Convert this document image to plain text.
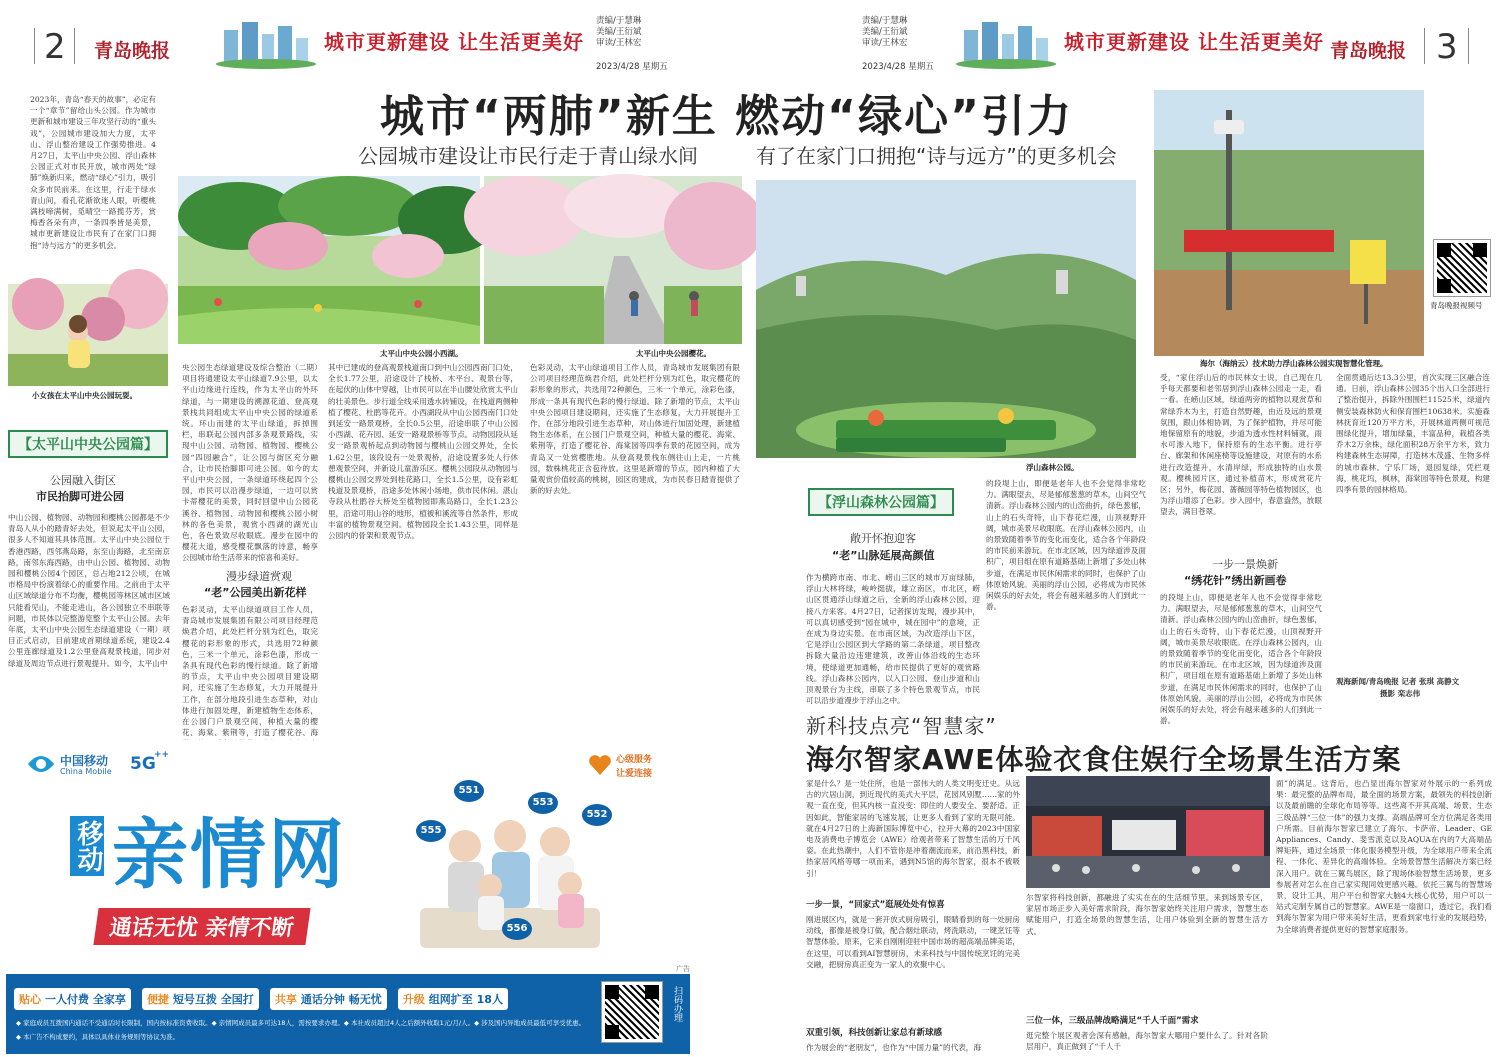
2 青岛晚报	城市更新建设 让生活更美好
责编/于慧琳
美编/王衍斌
审读/王林宏
2023/4/28 星期五
责编/于慧琳
美编/王衍斌
审读/王林宏
2023/4/28 星期五
城市更新建设 让生活更美好 青岛晚报 3
城市“两肺”新生 燃动“绿心”引力
公园城市建设让市民行走于青山绿水间	有了在家门口拥抱“诗与远方”的更多机会
2023年，青岛“春天的故事”，必定有一个“章节”留给山头公园。作为城市更新和城市建设三年攻坚行动的“重头戏”，公园城市建设加大力度，太平山、浮山整治建设工作强势推进。4月27日，太平山中央公园、浮山森林公园正式对市民开放，城市两处“绿肺”焕新归来，燃动“绿心”引力，吸引众多市民前来。在这里，行走于绿水青山间，看孔花渐欲迷人眼，听樱桃满枝啼满树，觅晴空一路揽芬芳，赏梅香各朵有声，一条四季皆是美景，城市更新建设让市民有了在家门口拥抱“诗与远方”的更多机会。
小女孩在太平山中央公园玩耍。
【太平山中央公园篇】
公园融入街区
市民抬脚可进公园
中山公园、植物园、动物园和樱桃公园都是不少青岛人从小的踏青好去处，但说起太平山公园，很多人不知道其具体范围。太平山中央公园位于香港西路，西邻燕岛路，东至山海路，北至南京路，南邻东海西路，由中山公园、植物园、动物园和樱桃公园4个园区，总占地212公顷，在城市格局中扮演着绿心的重要作用。之前由于太平山区域绿道分布不均衡，樱桃园等林区城市区域只能看见山，不能走进山，各公园独立不串联等问题，市民体以完整游览整个太平山公园。去年年底，太平山中央公园生态绿道建设（一期）项目正式启动，目前建成首期绿道系统，建设2.4公里连廊绿道及1.2公里登高观景栈道，同步对绿道及周边节点进行景观提升。如今，太平山中
太平山中央公园小西湖。	太平山中央公园樱花。
央公园生态绿道建设及综合整治（二期）项目将通建设太平山绿道7.9公里，以太平山边缘进行连线，作为太平山的外环绿道，与一期建设的溯源花道、登高观景栈共同组成太平山中央公园的绿道系统。环山而建的太平山绿道，拆掉围栏，串联起公园内部多条观景路线，实现中山公园、动物园、植物园、樱桃公园“四园融合”，让公园与街区充分融合，让市民抬脚即可进公园。如今的太平山中央公园，一条绿道环绕起四个公园，市民可以沿漫步绿道，一边可以赏卡蒂樱花的美景，同时回望中山公园花溪谷、植物园、动物园和樱桃公园小树林的各色美景，观赏小西湖的湖光山色，各色景致尽收眼底。漫步在园中的樱花大道，感受樱花飘落的诗意，畅享公园城市给生活带来的惊喜和美好。
漫步绿道赏观
“老”公园美出新花样
色彩灵动，太平山绿道项目工作人员，青岛城市发展集团有限公司项目经理范焕君介绍，此处栏杆分别为红色，取完樱花的彩形象的形式，共选用72种颜色，三米一个单元，涂彩色漆，形成一条具有现代色彩的慢行绿道。除了新增的节点，太平山中央公园项目建设期间，还实施了生态修复，大力开展提升工作，在部分地段引进生态草种，对山体进行加固处理，新建植物生态体系，在公园门户景观空间，种植大量的樱花、海棠、紫荆等，打造了樱花谷、海
其中已建成的登高观景栈道南口到中山公园西南门口处，全长1.77公里，沿途设计了栈桥、木平台、观景台等，在起伏的山体中穿越，让市民可以在半山腰处欣赏太平山的壮美景色。步行道全线采用透水砖铺设，在栈道两侧种植了樱花、杜鹃等花卉。小西湖段从中山公园西南门口处到延安一路景观桥，全长0.5公里，沿途串联了中山公园小西湖、花卉园、延安一路观景桥等节点。动物园段从延安一路景观桥起点到动物园与樱桃山公园交界处，全长1.62公里，该段设有一处景观桥，沿途设置多处人行休憩观景空间，并新设儿童游乐区。樱桃公园段从动物园与樱桃山公园交界处到桂花路口，全长1.5公里，设有彩虹栈道及景观桥，沿途多处休闲小场地，供市民休闲。湛山寺段从杜鹃谷大桥处至植物园即燕岛路口，全长1.23公里，沿途可用山谷的地形，植被和溪流等自然条件，形成丰富的植物景观空间。植物园段全长1.43公里，同样是公园内的骨架和景观节点。
色彩灵动，太平山绿道项目工作人员，青岛城市发展集团有限公司项目经理范焕君介绍，此处栏杆分别为红色，取完樱花的彩形象的形式，共选用72种颜色，三米一个单元，涂彩色漆，形成一条具有现代色彩的慢行绿道。除了新增的节点，太平山中央公园项目建设期间，还实施了生态修复，大力开展提升工作，在部分地段引进生态草种，对山体进行加固处理，新建植物生态体系，在公园门户景观空间，种植大量的樱花、海棠、紫荆等，打造了樱花谷、海棠园等四季有景的花园空间，成为青岛又一处赏樱胜地。从登高观景栈东侧往山上走，一片桃园，数株桃花正含苞待放。这里是新增的节点，园内种植了大量观赏价值较高的桃树，园区的建成，为市民春日踏青提供了新的好去处。
中国移动
China Mobile 5G
++	心级服务
让爱连接
移动 亲情网
通话无忧 亲情不断
551
553
552
555
556
广告
贴心 一人付费 全家享
便捷 短号互拨 全国打
共享 通话分钟 畅无忧
升级 组网扩至 18人
◆ 家庭成员互拨国内通话不受通话时长限制，国内按标准资费收取。◆ 亲情网成员最多可达18人，需按要求办理。◆ 本社成员超过4人之后额外收取1元/月/人。◆ 涉及国内异地成员最低可享受优惠。
◆ 本广告不构成要约，具体以具体业务规则等协议为准。
扫码办理
浮山森林公园。
青岛晚报视频号
海尔（海纳云）技术助力浮山森林公园实现智慧化管理。
【浮山森林公园篇】
敞开怀抱迎客
“老”山脉延展高颜值
作为横跨市南、市北、崂山三区的城市万亩绿肺，浮山大林将绿，峻岭挺拔，雄立南区，市北区，崂山区贯通浮山绿道之后，全新的浮山森林公园，迎接八方来客。4月27日，记者探访发现，漫步其中，可以真切感受到“园在城中，城在园中”的意境，正在成为身边实景。在市南区域，为改造浮山下区，它是浮山公园区到大学路的第二条绿道，项目整改拆除大量沿边违建建筑，改善山体沿线的生态环境，使绿道更加通畅，给市民提供了更好的观赏路线。浮山森林公园内，以入口公园、登山步道和山顶观景台为主线，串联了多个特色景观节点，市民可以沿步道漫步于浮山之中。
的段堤上山，即便是老年人也不会觉得非常吃力。满眼望去，尽是郁郁葱葱的草木，山间空气清新。浮山森林公园内的山峦曲折，绿色葱郁，山上的石头奇特，山下春花烂漫，山顶视野开阔，城市美景尽收眼底。在浮山森林公园内，山的景致随着季节的变化而变化，适合各个年龄段的市民前来游玩。在市北区域，因为绿道涉及面积广，项目组在原有道路基础上新增了多处山林步道，在满足市民休闲需求的同时，也保护了山体原始风貌。美丽的浮山公园，必将成为市民休闲娱乐的好去处，将会有越来越多的人们到此一游。
受，“家住浮山后的市民林女士说，自己现在几乎每天都要和老邻居到浮山森林公园走一走，看一看。在崂山区域，绿道两旁的植物以观赏草和常绿乔木为主，打造自然野趣，由近及远的景观氛围，跟山体相协调，为了保护植物，并尽可能地保留原有的地貌，步道为透水性材料铺就，雨水可渗入地下，保持原有的生态平衡。进行亭台、廊架和休闲座椅等设施建设，对原有的水系进行改造提升，水清岸绿，形成独特的山水景观。樱桃园片区，通过补植苗木，形成赏花片区；另外，梅花园、蔷薇园等特色植物园区，也为浮山增添了色彩。步入园中，春意盎然，放眼望去，满目苍翠。
一步一景焕新
“绣花针”绣出新画卷
的段堤上山，即便是老年人也不会觉得非常吃力。满眼望去，尽是郁郁葱葱的草木，山间空气清新。浮山森林公园内的山峦曲折，绿色葱郁，山上的石头奇特，山下春花烂漫，山顶视野开阔，城市美景尽收眼底。在浮山森林公园内，山的景致随着季节的变化而变化，适合各个年龄段的市民前来游玩。在市北区域，因为绿道涉及面积广，项目组在原有道路基础上新增了多处山林步道，在满足市民休闲需求的同时，也保护了山体原始风貌。美丽的浮山公园，必将成为市民休闲娱乐的好去处，将会有越来越多的人们到此一游。
全面贯通后达13.3公里，首次实现三区融合连通。日前，浮山森林公园35个出入口全部进行了整治提升，拆除外围围栏11525米，绿道内侧安装森林防火和保育围栏10638米。实施森林抚育近120万平方米，开展林道两侧可视范围绿化提升，增加绿量，丰富品种，栽植各类乔木2万余株，绿化面积28万余平方米，致力构建森林生态屏障，打造林木茂盛、生物多样的城市森林。宁乐厂场，退园复绿，凭栏观海，桃花坞，枫林，海棠园等特色景观，构建四季有景的园林格局。
观海新闻/青岛晚报 记者 张琪 高静文
摄影 栾志伟
新科技点亮“智慧家”
海尔智家AWE体验衣食住娱行全场景生活方案
家是什么？是一处住所，也是一部伟大的人类文明变迁史。从远古的穴居山洞，到近现代的美式大平层，花园风别墅……家的外观一直在变，但其内核一直没变：即住的人要安全、要舒适。正因如此，智能家居的飞速发展，让更多人看到了家的无限可能。就在4月27日的上海新国际博览中心，拉开大幕的2023中国家电及消费电子博览会（AWE）给观者带来了智慧生活的万千风姿。在此热潮中，人们不管你是冲着潮流而来，前沿黑科技，新热家居风格等哪一项而来，遇到N5馆的海尔智家，很本不被吸引！
一步一景，“回家式”逛展处处有惊喜
刚进展区内，就是一套开放式厨房吸引，眼睛看到的每一处厨房动线，都像是被身订做，配合烟灶联动，烤洗联动，一键烹饪等智慧体验。原来，它来自刚刚迎驻中国市场的超高端品牌美诺，在这里，可以看到AI智慧厨房，未来科技与中国传统烹饪的完美交融，把厨房真正变为一家人的欢聚中心。
双重引领，科技创新让家总有新球感
作为展会的“老朋友”，也作为“中国力量”的代表，海
尔智家将科技创新，都融进了实实在在的生活细节里。来到场景专区，家居市场正步入美好需求阶段，海尔智家始终关注用户需求，智慧生态赋能用户，打造全场景的智慧生活，让用户体验到全新的智慧生活方式。
三位一体，三级品牌战略满足“千人千面”需求
逛完整个展区观者会深有感触，海尔智家大哪用户要什么了。针对各阶层用户，真正做到了“千人千
面”的满足。这背后，也凸显出海尔智家对外展示的一系列成果：最完整的品牌布局，最全面的场景方案，最领先的科技创新以及最前瞻的全球化布局等等。这些离不开其高端、场景、生态三级品牌“三位一体”的强力支撑。高端品牌可全方位满足各类用户所需。目前海尔智家已建立了海尔、卡萨帝、Leader、GE Appliances、Candy、斐雪派克以及AQUA在内的7大高端品牌矩阵，通过全场景一体化服务模型升级，为全球用户带来全流程、一体化、差异化的高端体验。全场景智慧生活解决方案已经深入用户。就在三翼鸟展区，除了现场体验智慧生活场景，更多参展者对怎么在自己家实现同效更感兴趣。依托三翼鸟的智慧场景，设计工具，用户平台和智家大脑4大核心优势，用户可以一站式定制专属自己的智慧家。AWE是一扇窗口，透过它，我们看到海尔智家为用户带来美好生活，更看到家电行业的发展趋势，为全球消费者提供更好的智慧家庭服务。
